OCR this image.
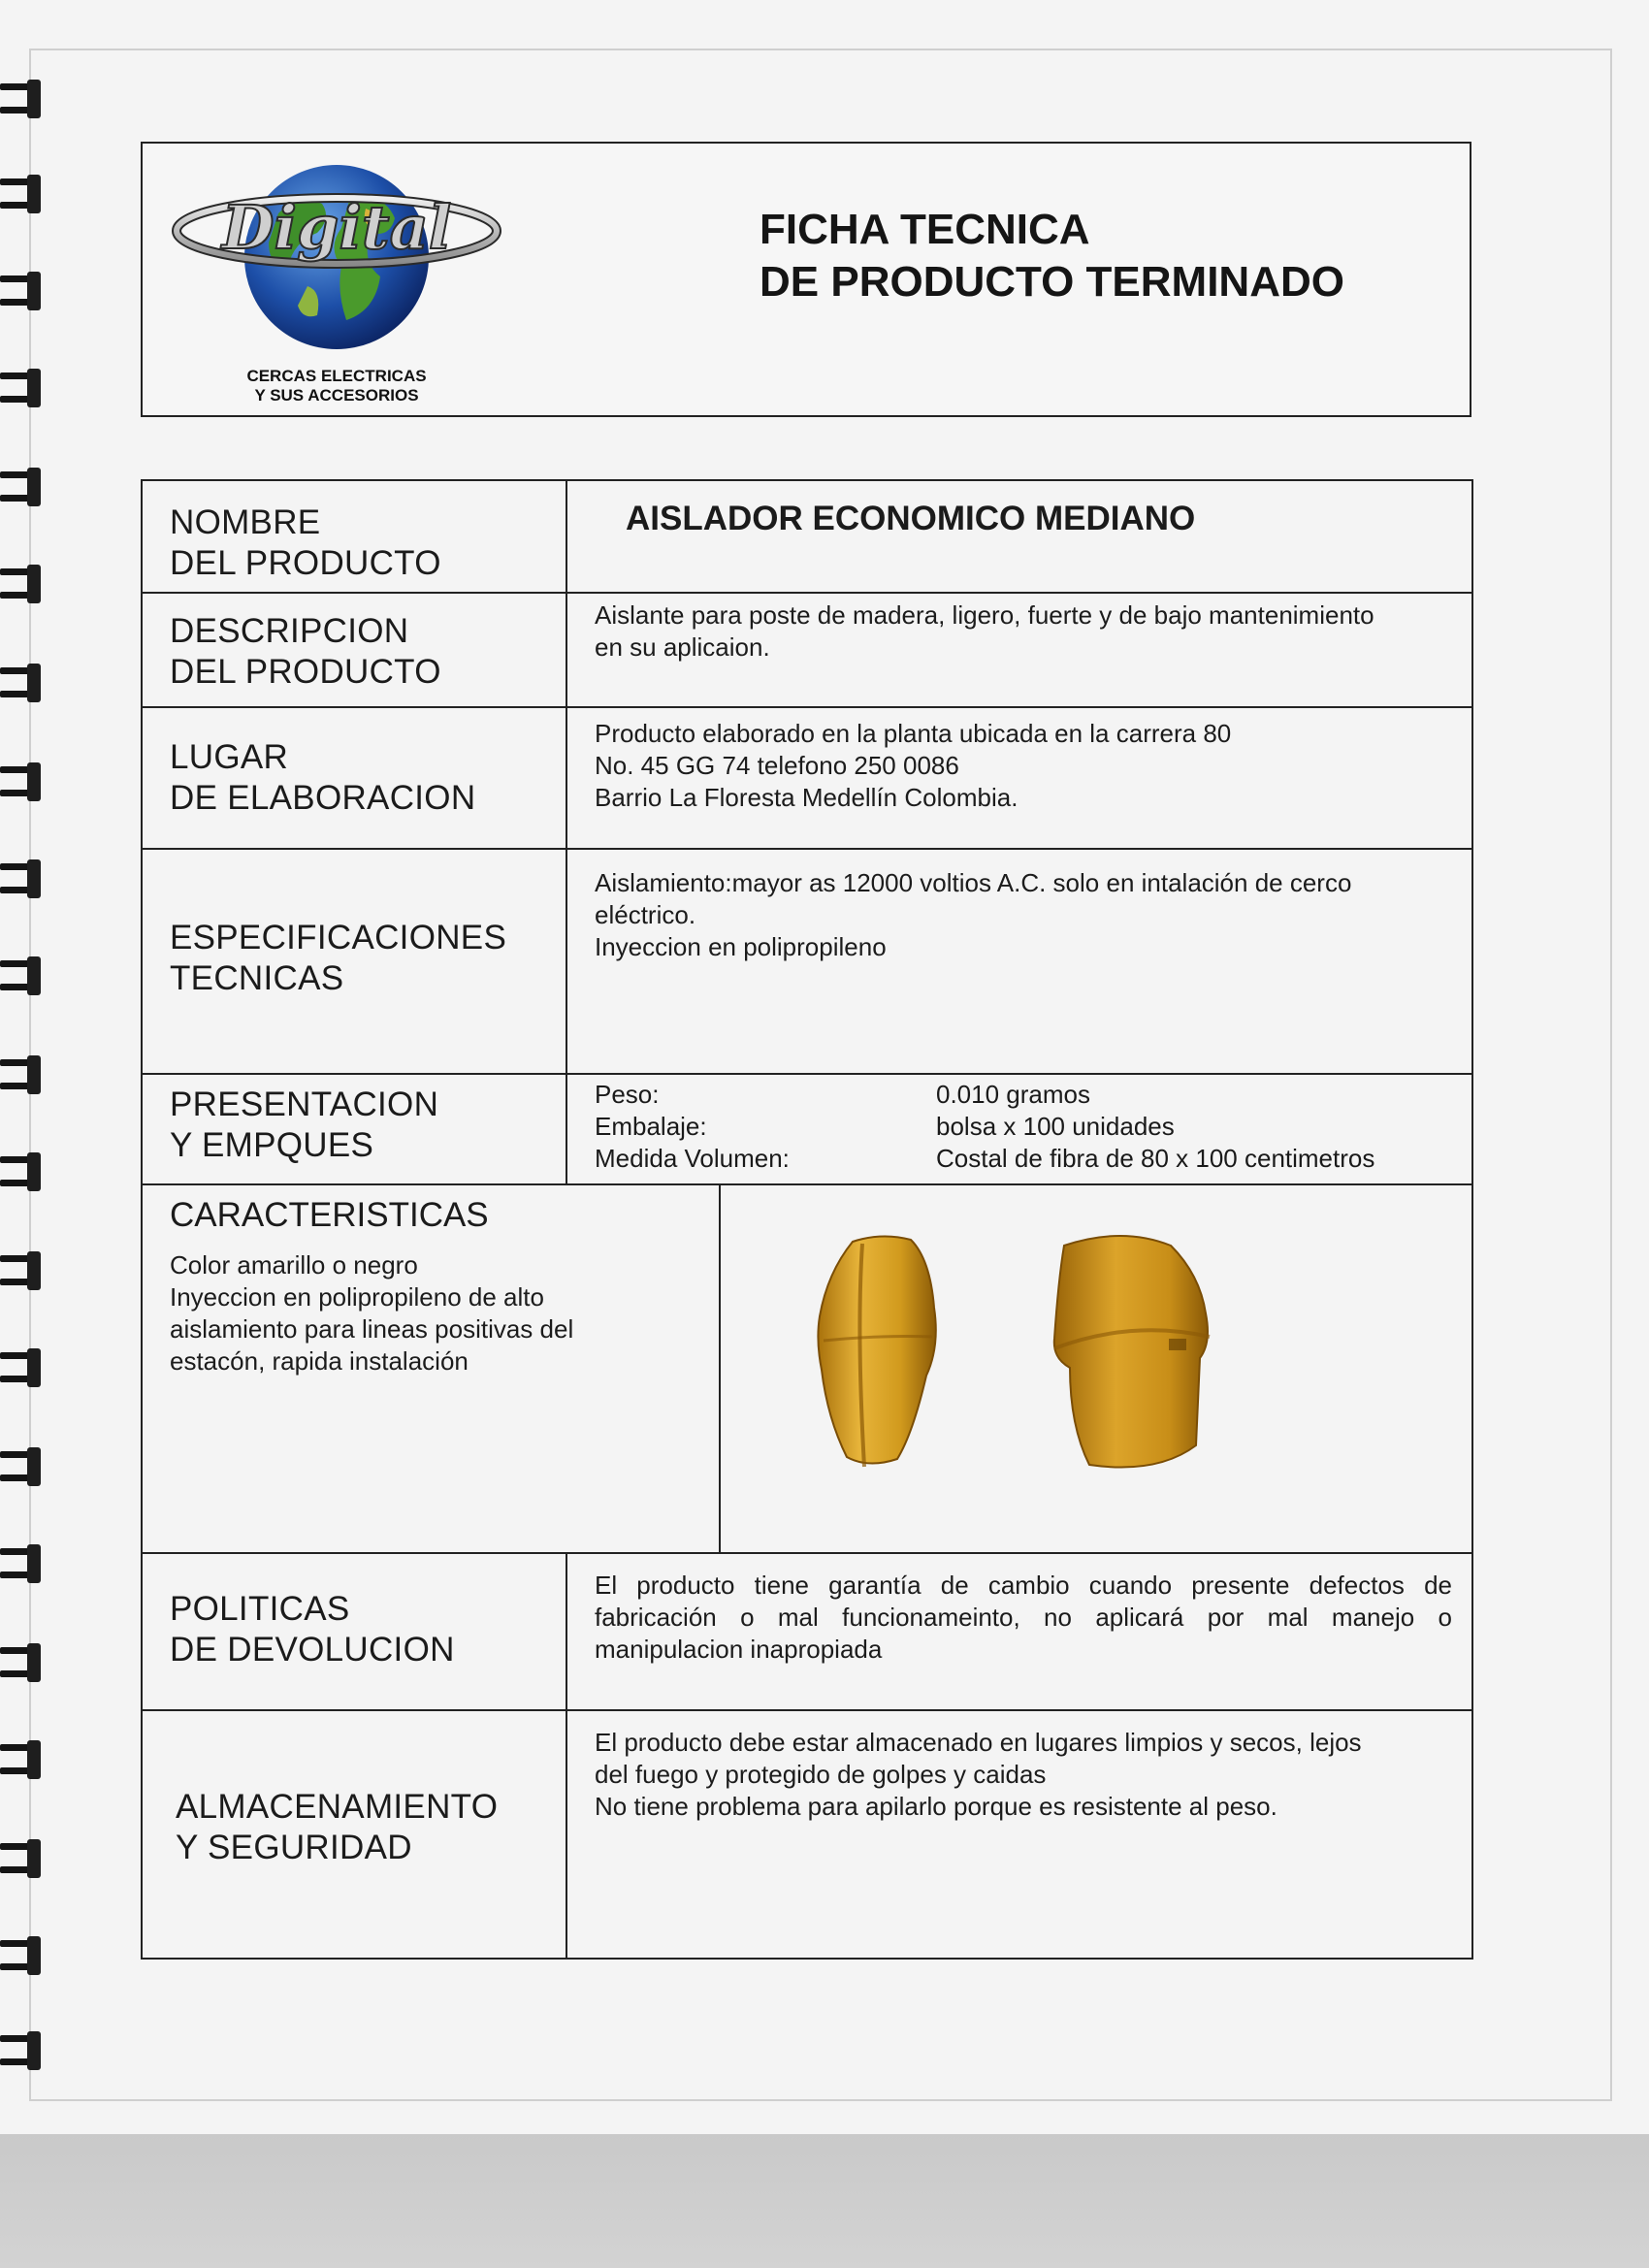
Digital
CERCAS ELECTRICAS
Y SUS ACCESORIOS
FICHA TECNICA
DE PRODUCTO TERMINADO
NOMBRE
DEL PRODUCTO
AISLADOR ECONOMICO MEDIANO
DESCRIPCION
DEL PRODUCTO
Aislante para poste de madera, ligero, fuerte y de bajo mantenimiento
en su aplicaion.
LUGAR
DE ELABORACION
Producto elaborado en la planta ubicada en la carrera 80
No. 45 GG 74 telefono 250 0086
Barrio La Floresta Medellín Colombia.
ESPECIFICACIONES
TECNICAS
Aislamiento:mayor as 12000 voltios A.C. solo en intalación de cerco
eléctrico.
Inyeccion en polipropileno
PRESENTACION
Y EMPQUES
Peso:
Embalaje:
Medida Volumen:
0.010 gramos
bolsa x 100 unidades
Costal de fibra de 80 x 100 centimetros
CARACTERISTICAS
Color amarillo o negro
Inyeccion en polipropileno de alto
aislamiento para lineas positivas del
estacón, rapida instalación
POLITICAS
DE DEVOLUCION
El producto tiene garantía de cambio cuando presente defectos de fabricación o mal funcionameinto, no aplicará por mal manejo o manipulacion inapropiada
ALMACENAMIENTO
Y SEGURIDAD
El producto debe estar almacenado en lugares limpios y secos, lejos
del fuego y protegido de golpes y caidas
No tiene problema para apilarlo porque es resistente al peso.
